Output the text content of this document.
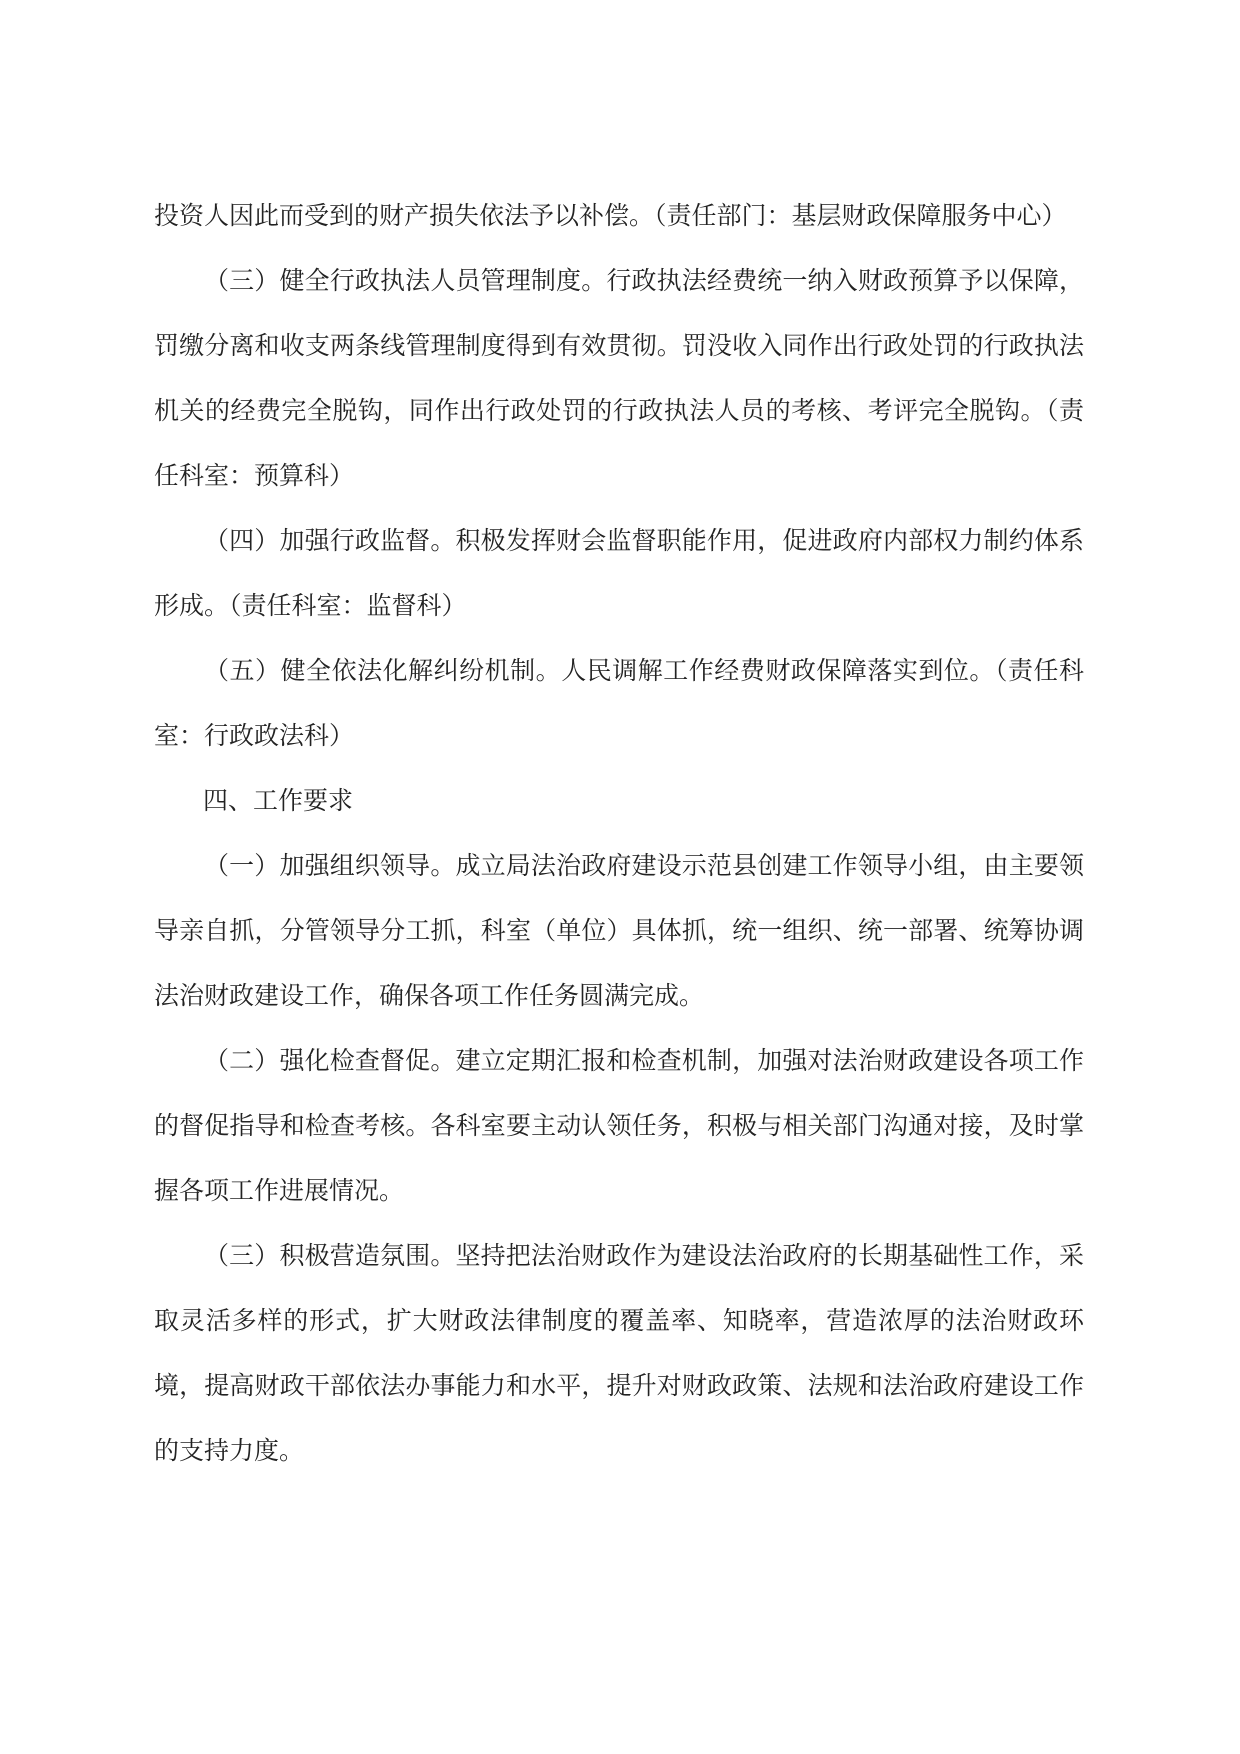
投资人因此而受到的财产损失依法予以补偿。（责任部门：基层财政保障服务中心）

（三）健全行政执法人员管理制度。行政执法经费统一纳入财政预算予以保障，罚缴分离和收支两条线管理制度得到有效贯彻。罚没收入同作出行政处罚的行政执法机关的经费完全脱钩，同作出行政处罚的行政执法人员的考核、考评完全脱钩。（责任科室：预算科）

（四）加强行政监督。积极发挥财会监督职能作用，促进政府内部权力制约体系形成。（责任科室：监督科）

（五）健全依法化解纠纷机制。人民调解工作经费财政保障落实到位。（责任科室：行政政法科）

四、工作要求

（一）加强组织领导。成立局法治政府建设示范县创建工作领导小组，由主要领导亲自抓，分管领导分工抓，科室（单位）具体抓，统一组织、统一部署、统筹协调法治财政建设工作，确保各项工作任务圆满完成。

（二）强化检查督促。建立定期汇报和检查机制，加强对法治财政建设各项工作的督促指导和检查考核。各科室要主动认领任务，积极与相关部门沟通对接，及时掌握各项工作进展情况。

（三）积极营造氛围。坚持把法治财政作为建设法治政府的长期基础性工作，采取灵活多样的形式，扩大财政法律制度的覆盖率、知晓率，营造浓厚的法治财政环境，提高财政干部依法办事能力和水平，提升对财政政策、法规和法治政府建设工作的支持力度。
